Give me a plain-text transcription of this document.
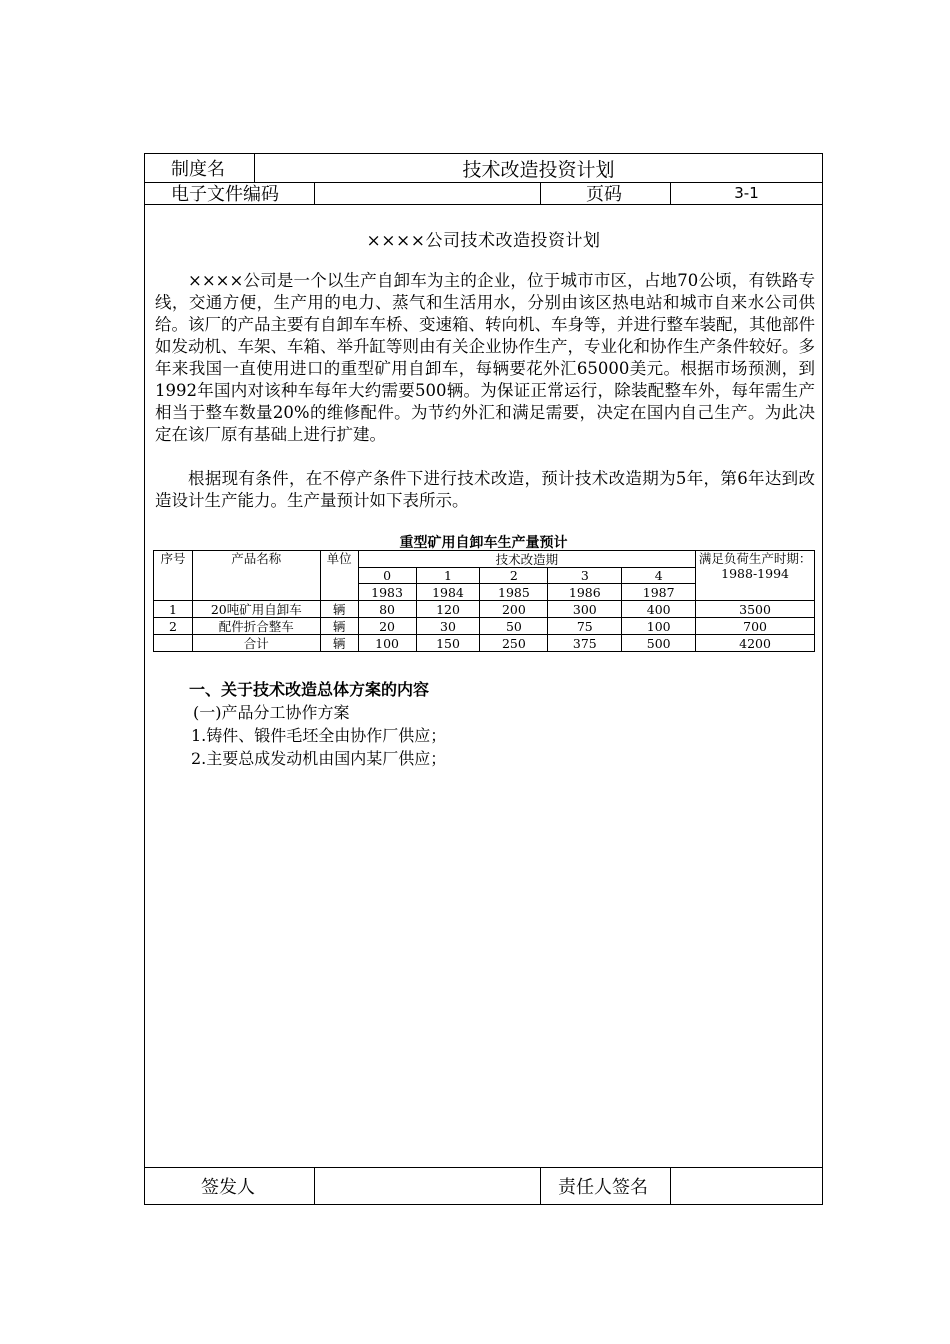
制度名	技术改造投资计划
电子文件编码	页码	3-1
××××公司技术改造投资计划
××××公司是一个以生产自卸车为主的企业，位于城市市区，占地70公顷，有铁路专线，交通方便，生产用的电力、蒸气和生活用水，分别由该区热电站和城市自来水公司供给。该厂的产品主要有自卸车车桥、变速箱、转向机、车身等，并进行整车装配，其他部件如发动机、车架、车箱、举升缸等则由有关企业协作生产，专业化和协作生产条件较好。多年来我国一直使用进口的重型矿用自卸车，每辆要花外汇65000美元。根据市场预测，到1992年国内对该种车每年大约需要500辆。为保证正常运行，除装配整车外，每年需生产相当于整车数量20%的维修配件。为节约外汇和满足需要，决定在国内自己生产。为此决定在该厂原有基础上进行扩建。
根据现有条件，在不停产条件下进行技术改造，预计技术改造期为5年，第6年达到改造设计生产能力。生产量预计如下表所示。
重型矿用自卸车生产量预计
序号	产品名称	单位	技术改造期					满足负荷生产时期：1988-1994
			0	1	2	3	4	
			1983	1984	1985	1986	1987	
1	20吨矿用自卸车	辆	80	120	200	300	400	3500
2	配件折合整车	辆	20	30	50	75	100	700
	合计	辆	100	150	250	375	500	4200
一、关于技术改造总体方案的内容
(一)产品分工协作方案
1.铸件、锻件毛坯全由协作厂供应；
2.主要总成发动机由国内某厂供应；
签发人	责任人签名
